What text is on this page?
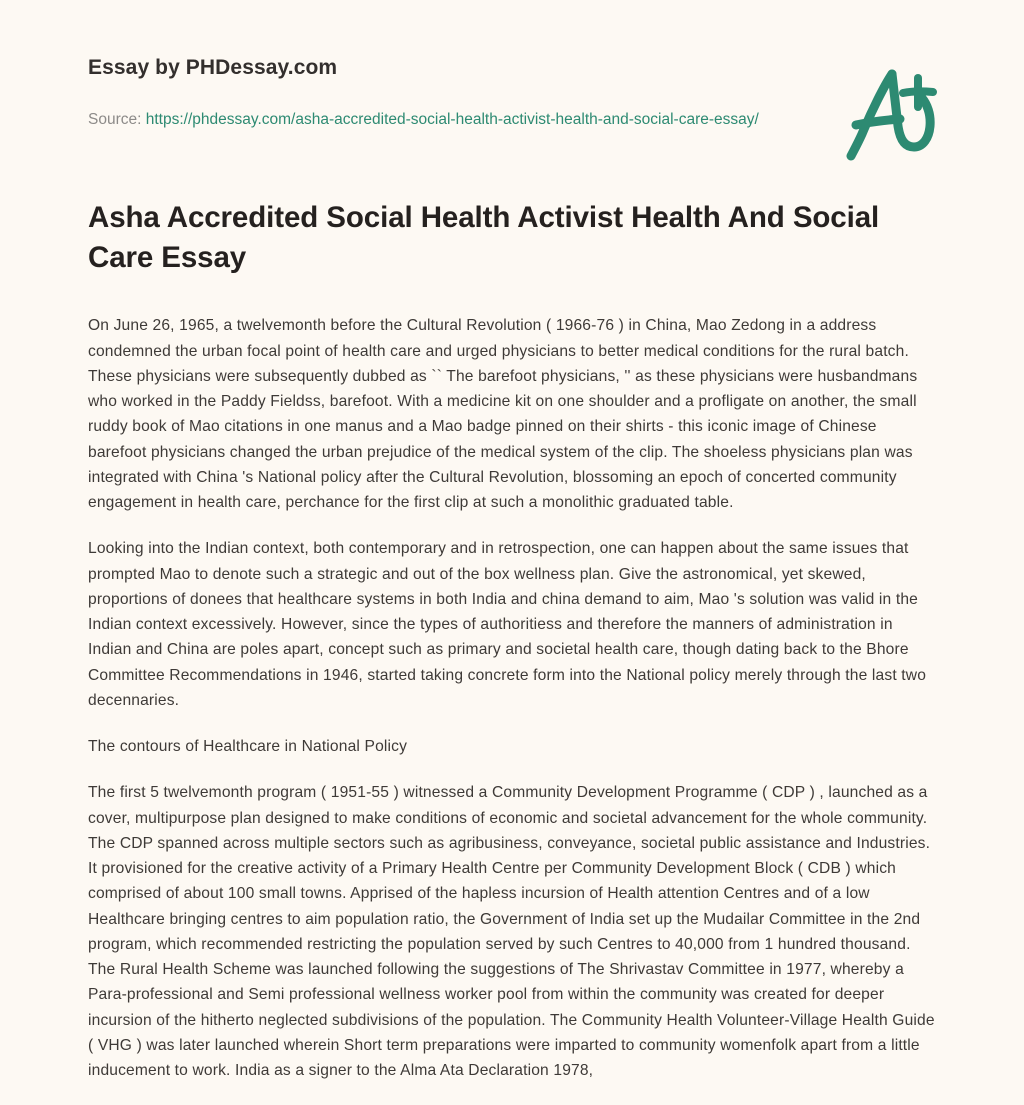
Essay by PHDessay.com
Source: https://phdessay.com/asha-accredited-social-health-activist-health-and-social-care-essay/
Asha Accredited Social Health Activist Health And Social Care Essay

On June 26, 1965, a twelvemonth before the Cultural Revolution ( 1966-76 ) in China, Mao Zedong in a address condemned the urban focal point of health care and urged physicians to better medical conditions for the rural batch. These physicians were subsequently dubbed as `` The barefoot physicians, '' as these physicians were husbandmans who worked in the Paddy Fieldss, barefoot. With a medicine kit on one shoulder and a profligate on another, the small ruddy book of Mao citations in one manus and a Mao badge pinned on their shirts - this iconic image of Chinese barefoot physicians changed the urban prejudice of the medical system of the clip. The shoeless physicians plan was integrated with China 's National policy after the Cultural Revolution, blossoming an epoch of concerted community engagement in health care, perchance for the first clip at such a monolithic graduated table.

Looking into the Indian context, both contemporary and in retrospection, one can happen about the same issues that prompted Mao to denote such a strategic and out of the box wellness plan. Give the astronomical, yet skewed, proportions of donees that healthcare systems in both India and china demand to aim, Mao 's solution was valid in the Indian context excessively. However, since the types of authoritiess and therefore the manners of administration in Indian and China are poles apart, concept such as primary and societal health care, though dating back to the Bhore Committee Recommendations in 1946, started taking concrete form into the National policy merely through the last two decennaries.

The contours of Healthcare in National Policy

The first 5 twelvemonth program ( 1951-55 ) witnessed a Community Development Programme ( CDP ) , launched as a cover, multipurpose plan designed to make conditions of economic and societal advancement for the whole community. The CDP spanned across multiple sectors such as agribusiness, conveyance, societal public assistance and Industries. It provisioned for the creative activity of a Primary Health Centre per Community Development Block ( CDB ) which comprised of about 100 small towns. Apprised of the hapless incursion of Health attention Centres and of a low Healthcare bringing centres to aim population ratio, the Government of India set up the Mudailar Committee in the 2nd program, which recommended restricting the population served by such Centres to 40,000 from 1 hundred thousand. The Rural Health Scheme was launched following the suggestions of The Shrivastav Committee in 1977, whereby a Para-professional and Semi professional wellness worker pool from within the community was created for deeper incursion of the hitherto neglected subdivisions of the population. The Community Health Volunteer-Village Health Guide ( VHG ) was later launched wherein Short term preparations were imparted to community womenfolk apart from a little inducement to work. India as a signer to the Alma Ata Declaration 1978,
